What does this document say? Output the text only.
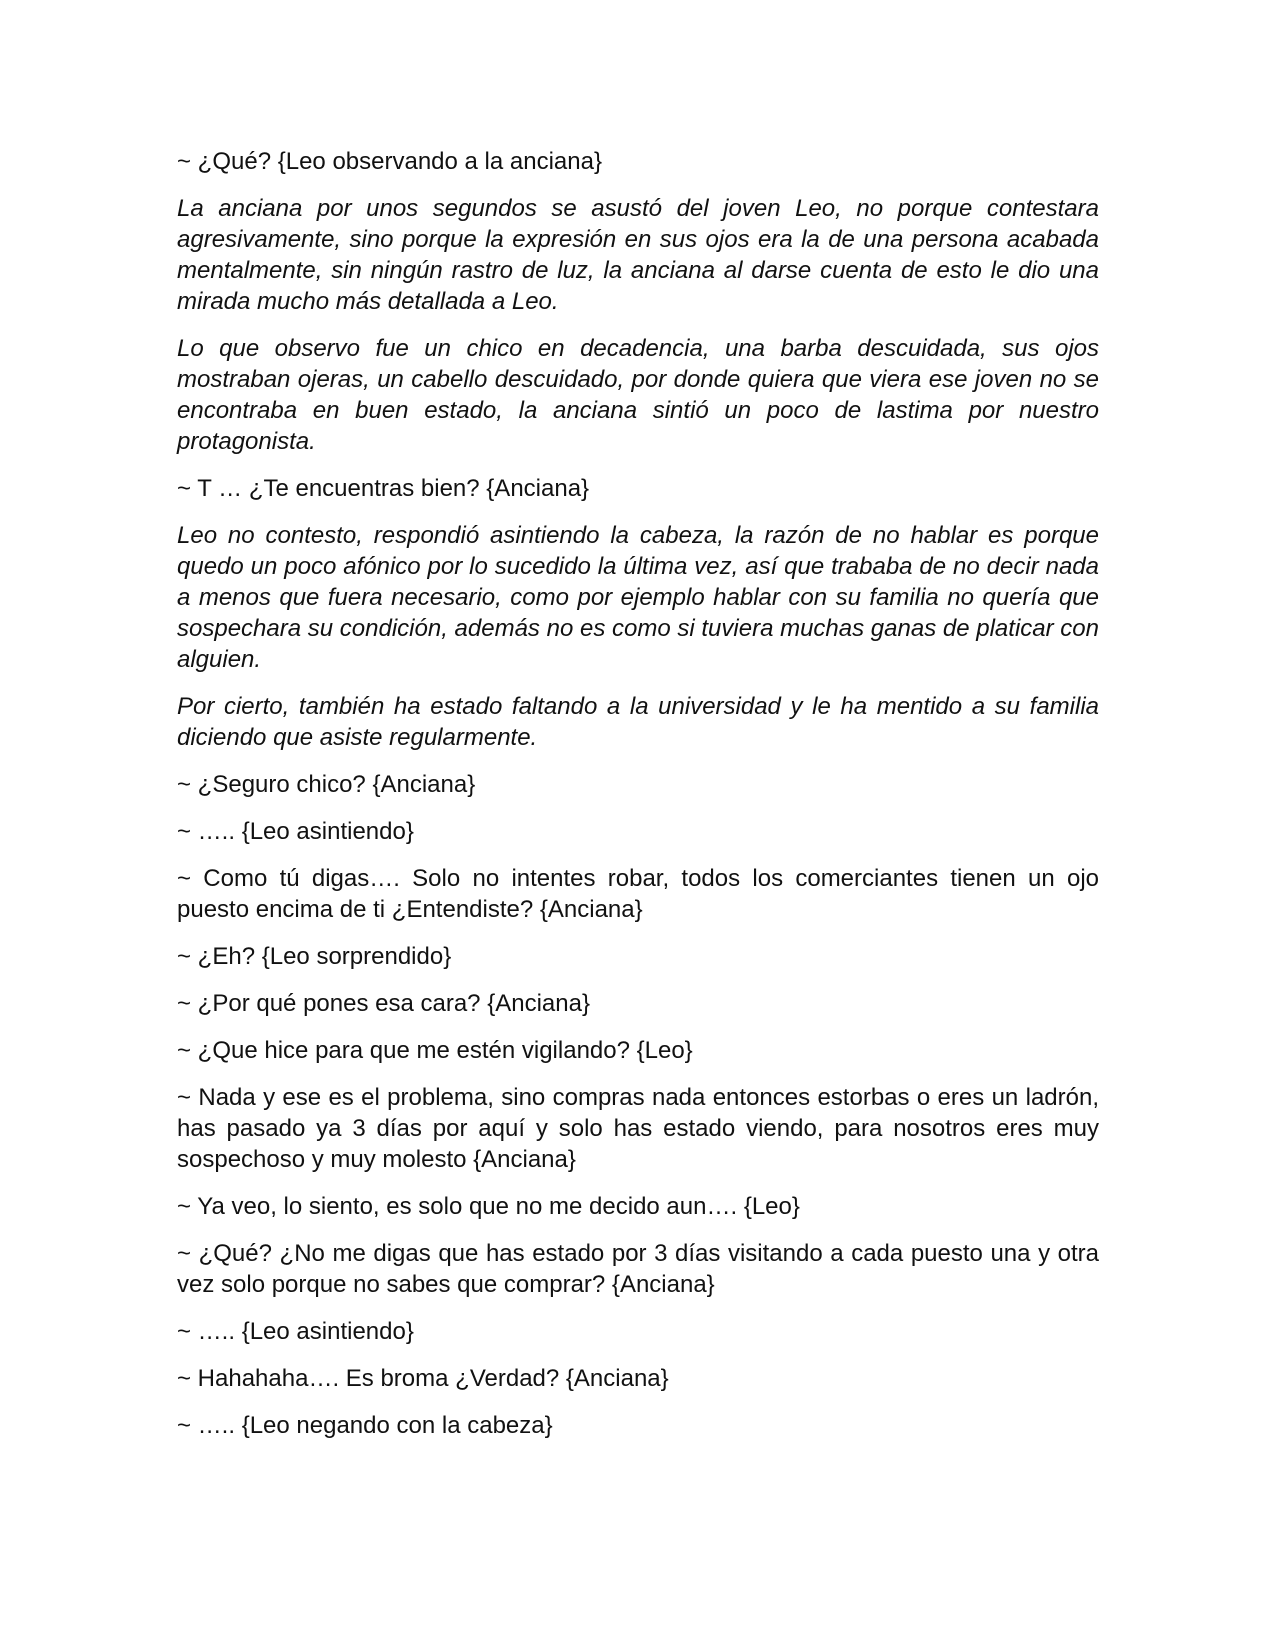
~ ¿Qué? {Leo observando a la anciana}

La anciana por unos segundos se asustó del joven Leo, no porque contestara agresivamente, sino porque la expresión en sus ojos era la de una persona acabada mentalmente, sin ningún rastro de luz, la anciana al darse cuenta de esto le dio una mirada mucho más detallada a Leo.

Lo que observo fue un chico en decadencia, una barba descuidada, sus ojos mostraban ojeras, un cabello descuidado, por donde quiera que viera ese joven no se encontraba en buen estado, la anciana sintió un poco de lastima por nuestro protagonista.

~ T … ¿Te encuentras bien? {Anciana}

Leo no contesto, respondió asintiendo la cabeza, la razón de no hablar es porque quedo un poco afónico por lo sucedido la última vez, así que trababa de no decir nada a menos que fuera necesario, como por ejemplo hablar con su familia no quería que sospechara su condición, además no es como si tuviera muchas ganas de platicar con alguien.

Por cierto, también ha estado faltando a la universidad y le ha mentido a su familia diciendo que asiste regularmente.

~ ¿Seguro chico? {Anciana}

~ ….. {Leo asintiendo}

~ Como tú digas…. Solo no intentes robar, todos los comerciantes tienen un ojo puesto encima de ti ¿Entendiste? {Anciana}

~ ¿Eh? {Leo sorprendido}

~ ¿Por qué pones esa cara? {Anciana}

~ ¿Que hice para que me estén vigilando? {Leo}

~ Nada y ese es el problema, sino compras nada entonces estorbas o eres un ladrón, has pasado ya 3 días por aquí y solo has estado viendo, para nosotros eres muy sospechoso y muy molesto {Anciana}

~ Ya veo, lo siento, es solo que no me decido aun…. {Leo}

~ ¿Qué? ¿No me digas que has estado por 3 días visitando a cada puesto una y otra vez solo porque no sabes que comprar? {Anciana}

~ ….. {Leo asintiendo}

~ Hahahaha…. Es broma ¿Verdad? {Anciana}

~ ….. {Leo negando con la cabeza}
